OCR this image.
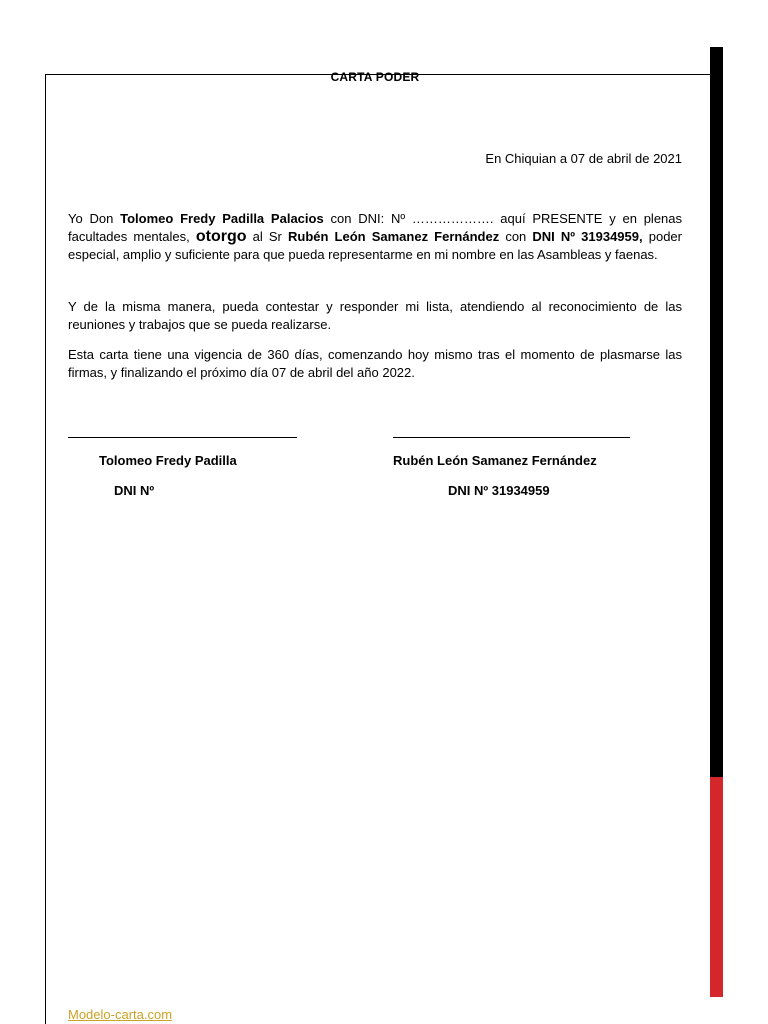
CARTA PODER
En Chiquian a 07 de abril de 2021
Yo Don Tolomeo Fredy Padilla Palacios con DNI: Nº ………………. aquí PRESENTE y en plenas facultades mentales, otorgo al Sr Rubén León Samanez Fernández con DNI Nº 31934959, poder especial, amplio y suficiente para que pueda representarme en mi nombre en las Asambleas y faenas.
Y de la misma manera, pueda contestar y responder mi lista, atendiendo al reconocimiento de las reuniones y trabajos que se pueda realizarse.
Esta carta tiene una vigencia de 360 días, comenzando hoy mismo tras el momento de plasmarse las firmas, y finalizando el próximo día 07 de abril del año 2022.
Tolomeo Fredy Padilla	Rubén León Samanez Fernández
DNI Nº	DNI Nº 31934959
Modelo-carta.com
